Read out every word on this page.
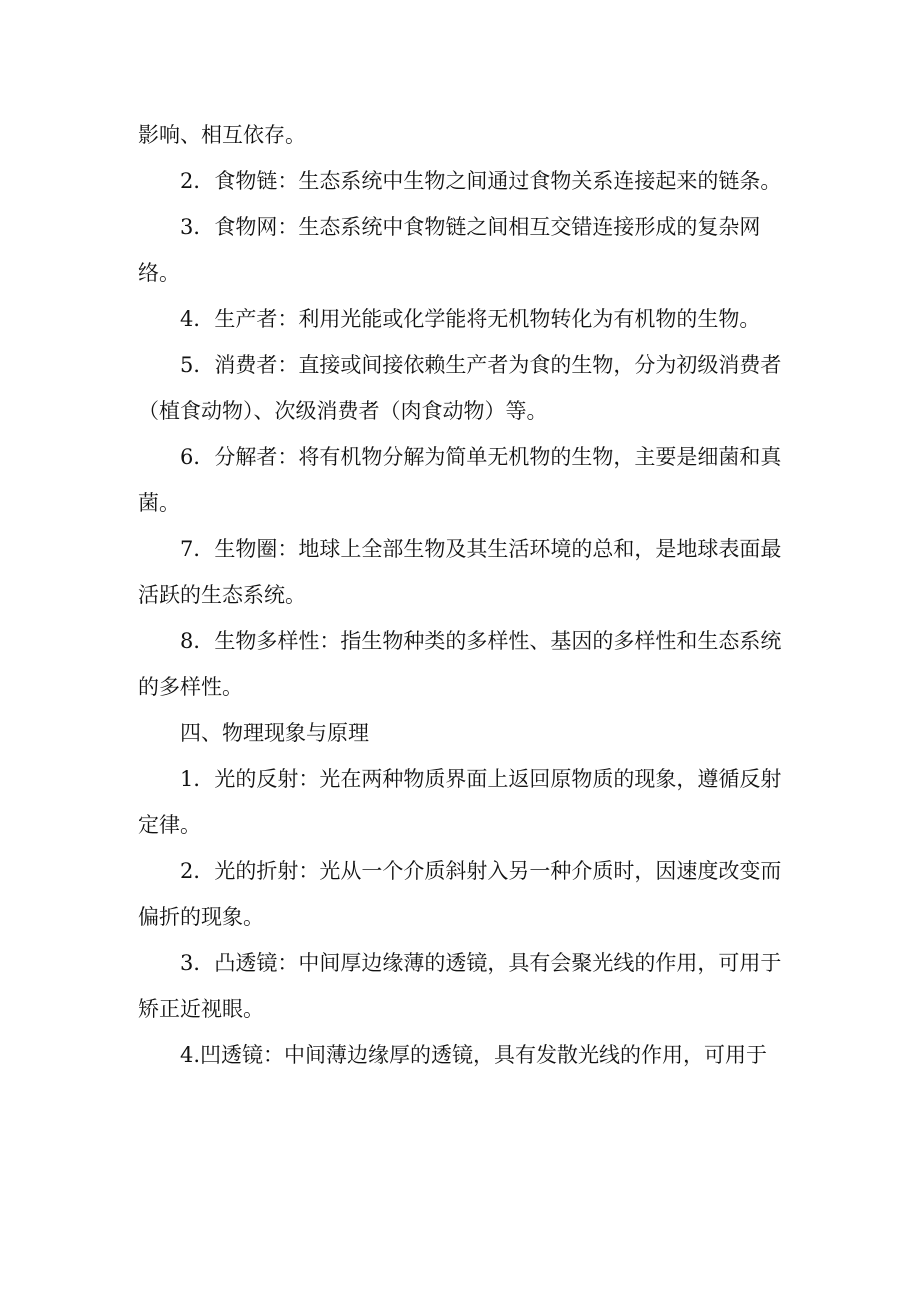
影响、相互依存。

2．食物链：生态系统中生物之间通过食物关系连接起来的链条。

3．食物网：生态系统中食物链之间相互交错连接形成的复杂网络。

4．生产者：利用光能或化学能将无机物转化为有机物的生物。

5．消费者：直接或间接依赖生产者为食的生物，分为初级消费者（植食动物）、次级消费者（肉食动物）等。

6．分解者：将有机物分解为简单无机物的生物，主要是细菌和真菌。

7．生物圈：地球上全部生物及其生活环境的总和，是地球表面最活跃的生态系统。

8．生物多样性：指生物种类的多样性、基因的多样性和生态系统的多样性。

四、物理现象与原理

1．光的反射：光在两种物质界面上返回原物质的现象，遵循反射定律。

2．光的折射：光从一个介质斜射入另一种介质时，因速度改变而偏折的现象。

3．凸透镜：中间厚边缘薄的透镜，具有会聚光线的作用，可用于矫正近视眼。

4.凹透镜：中间薄边缘厚的透镜，具有发散光线的作用，可用于
